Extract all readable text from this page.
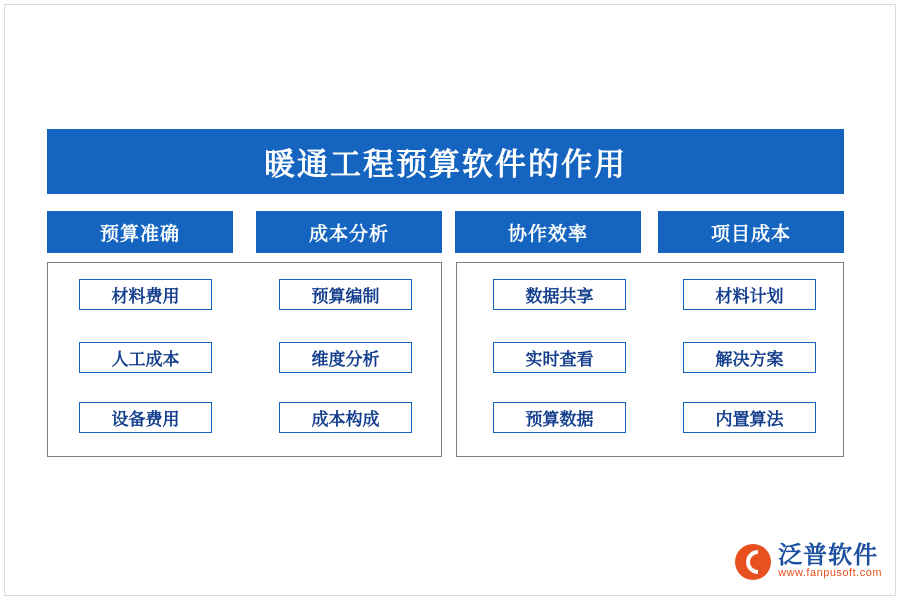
暖通工程预算软件的作用
预算准确	成本分析	协作效率	项目成本
材料费用
人工成本
设备费用
预算编制
维度分析
成本构成
数据共享
实时查看
预算数据
材料计划
解决方案
内置算法
泛普软件
www.fanpusoft.com
